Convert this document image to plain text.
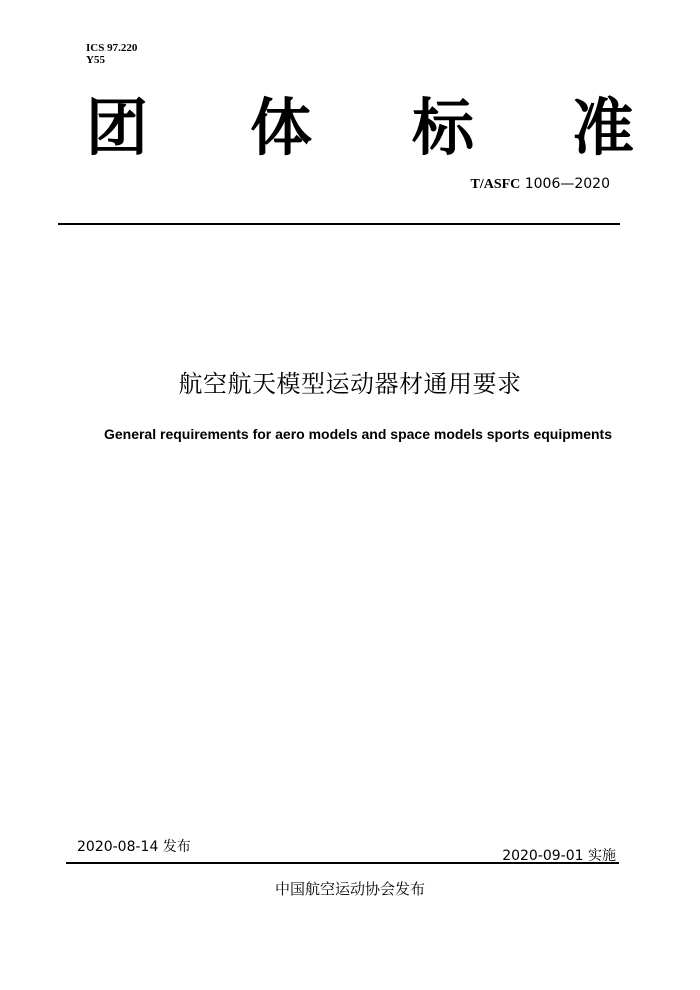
ICS 97.220
Y55
团 体 标 准
T/ASFC 1006—2020
航空航天模型运动器材通用要求
General requirements for aero models and space models sports equipments
2020-08-14 发布
2020-09-01 实施
中国航空运动协会发布
